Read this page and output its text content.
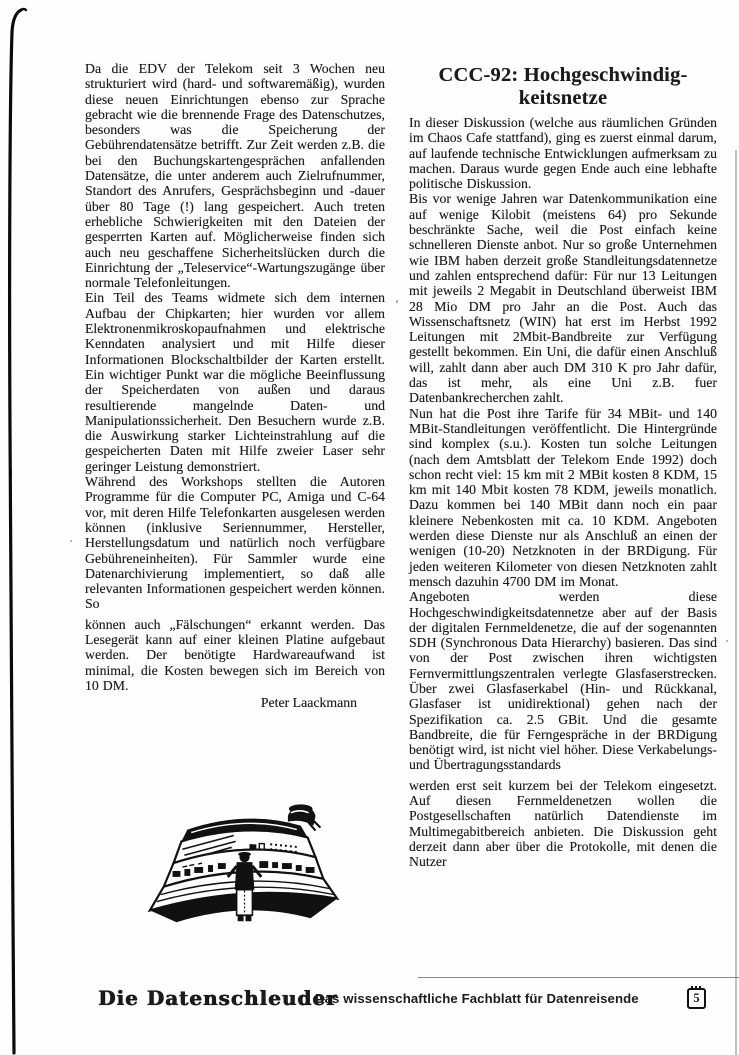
Da die EDV der Telekom seit 3 Wochen neu strukturiert wird (hard- und softwaremäßig), wurden diese neuen Einrichtungen ebenso zur Sprache gebracht wie die brennende Frage des Datenschutzes, besonders was die Speicherung der Gebührendatensätze betrifft. Zur Zeit werden z.B. die bei den Buchungskartengesprächen anfallenden Datensätze, die unter anderem auch Zielrufnummer, Standort des Anrufers, Gesprächsbeginn und -dauer über 80 Tage (!) lang gespeichert. Auch treten erhebliche Schwierigkeiten mit den Dateien der gesperrten Karten auf. Möglicherweise finden sich auch neu geschaffene Sicherheitslücken durch die Einrichtung der „Teleservice“-Wartungszugänge über normale Telefonleitungen.

Ein Teil des Teams widmete sich dem internen Aufbau der Chipkarten; hier wurden vor allem Elektronenmikroskopaufnahmen und elektrische Kenndaten analysiert und mit Hilfe dieser Informationen Blockschaltbilder der Karten erstellt. Ein wichtiger Punkt war die mögliche Beeinflussung der Speicherdaten von außen und daraus resultierende mangelnde Daten- und Manipulationssicherheit. Den Besuchern wurde z.B. die Auswirkung starker Lichteinstrahlung auf die gespeicherten Daten mit Hilfe zweier Laser sehr geringer Leistung demonstriert.

Während des Workshops stellten die Autoren Programme für die Computer PC, Amiga und C-64 vor, mit deren Hilfe Telefonkarten ausgelesen werden können (inklusive Seriennummer, Hersteller, Herstellungsdatum und natürlich noch verfügbare Gebühreneinheiten). Für Sammler wurde eine Datenarchivierung implementiert, so daß alle relevanten Informationen gespeichert werden können. So

können auch „Fälschungen“ erkannt werden. Das Lesegerät kann auf einer kleinen Platine aufgebaut werden. Der benötigte Hardwareaufwand ist minimal, die Kosten bewegen sich im Bereich von 10 DM.

Peter Laackmann
CCC-92: Hochgeschwindig-
keitsnetze

In dieser Diskussion (welche aus räumlichen Gründen im Chaos Cafe stattfand), ging es zuerst einmal darum, auf laufende technische Entwicklungen aufmerksam zu machen. Daraus wurde gegen Ende auch eine lebhafte politische Diskussion.

Bis vor wenige Jahren war Datenkommunikation eine auf wenige Kilobit (meistens 64) pro Sekunde beschränkte Sache, weil die Post einfach keine schnelleren Dienste anbot. Nur so große Unternehmen wie IBM haben derzeit große Standleitungsdatennetze und zahlen entsprechend dafür: Für nur 13 Leitungen mit jeweils 2 Megabit in Deutschland überweist IBM 28 Mio DM pro Jahr an die Post. Auch das Wissenschaftsnetz (WIN) hat erst im Herbst 1992 Leitungen mit 2Mbit-Bandbreite zur Verfügung gestellt bekommen. Ein Uni, die dafür einen Anschluß will, zahlt dann aber auch DM 310 K pro Jahr dafür, das ist mehr, als eine Uni z.B. fuer Datenbankrecherchen zahlt.

Nun hat die Post ihre Tarife für 34 MBit- und 140 MBit-Standleitungen veröffentlicht. Die Hintergründe sind komplex (s.u.). Kosten tun solche Leitungen (nach dem Amtsblatt der Telekom Ende 1992) doch schon recht viel: 15 km mit 2 MBit kosten 8 KDM, 15 km mit 140 Mbit kosten 78 KDM, jeweils monatlich. Dazu kommen bei 140 MBit dann noch ein paar kleinere Nebenkosten mit ca. 10 KDM. Angeboten werden diese Dienste nur als Anschluß an einen der wenigen (10-20) Netzknoten in der BRDigung. Für jeden weiteren Kilometer von diesen Netzknoten zahlt mensch dazuhin 4700 DM im Monat.

Angeboten werden diese Hochgeschwindigkeitsdatennetze aber auf der Basis der digitalen Fernmeldenetze, die auf der sogenannten SDH (Synchronous Data Hierarchy) basieren. Das sind von der Post zwischen ihren wichtigsten Fernvermittlungszentralen verlegte Glasfaserstrecken. Über zwei Glasfaserkabel (Hin- und Rückkanal, Glasfaser ist unidirektional) gehen nach der Spezifikation ca. 2.5 GBit. Und die gesamte Bandbreite, die für Ferngespräche in der BRDigung benötigt wird, ist nicht viel höher. Diese Verkabelungs- und Übertragungsstandards

werden erst seit kurzem bei der Telekom eingesetzt. Auf diesen Fernmeldenetzen wollen die Postgesellschaften natürlich Datendienste im Multimegabitbereich anbieten. Die Diskussion geht derzeit dann aber über die Protokolle, mit denen die Nutzer

Die Datenschleuder
Das wissenschaftliche Fachblatt für Datenreisende	5
